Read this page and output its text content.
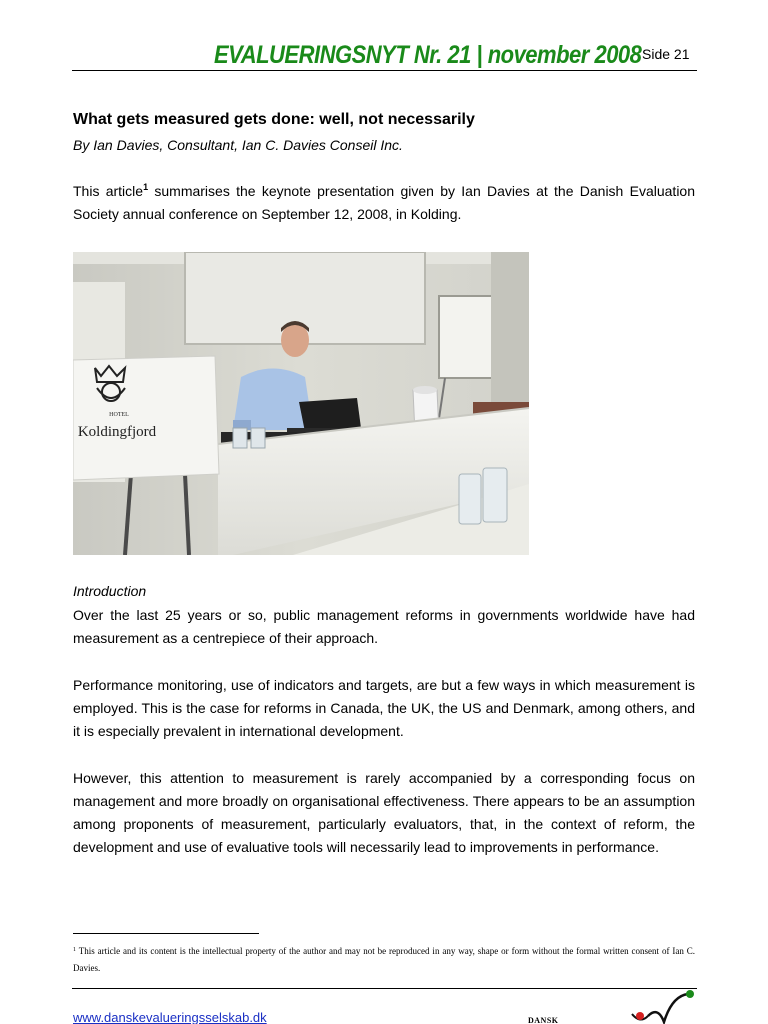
EVALUERINGSNYT Nr. 21 | november 2008 Side 21
What gets measured gets done: well, not necessarily
By Ian Davies, Consultant, Ian C. Davies Conseil Inc.
This article$^1$ summarises the keynote presentation given by Ian Davies at the Danish Evaluation Society annual conference on September 12, 2008, in Kolding.
HOTEL
Koldingfjord
Introduction
Over the last 25 years or so, public management reforms in governments worldwide have had measurement as a centrepiece of their approach.
Performance monitoring, use of indicators and targets, are but a few ways in which measurement is employed. This is the case for reforms in Canada, the UK, the US and Denmark, among others, and it is especially prevalent in international development.
However, this attention to measurement is rarely accompanied by a corresponding focus on management and more broadly on organisational effectiveness. There appears to be an assumption among proponents of measurement, particularly evaluators, that, in the context of reform, the development and use of evaluative tools will necessarily lead to improvements in performance.
$^1$ This article and its content is the intellectual property of the author and may not be reproduced in any way, shape or form without the formal written consent of Ian C. Davies.
www.danskevalueringsselskab.dk	DANSK
